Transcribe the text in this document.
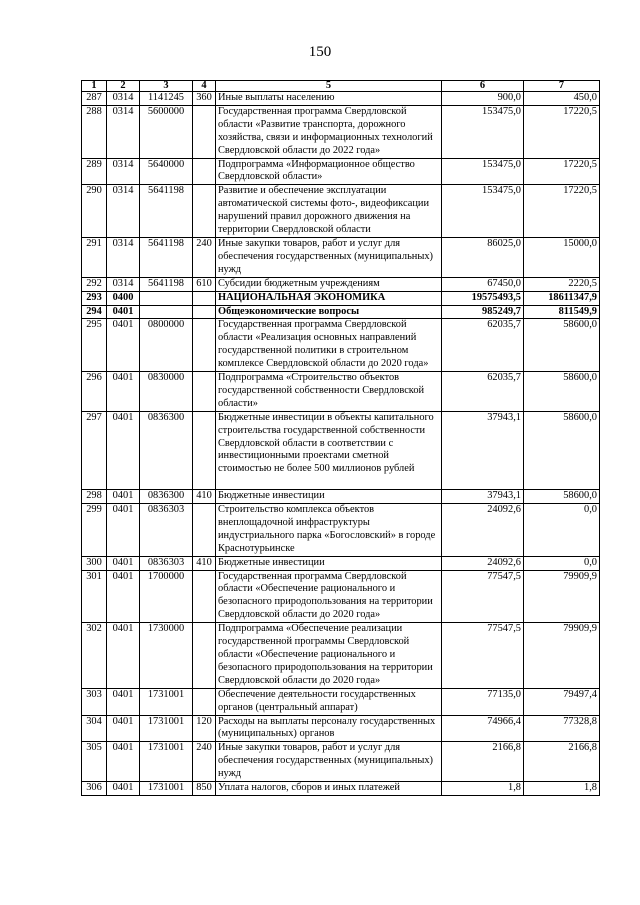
150
1	2	3	4	5	6	7
287	0314	1141245	360	Иные выплаты населению	900,0	450,0
288	0314	5600000		Государственная программа Свердловской области «Развитие транспорта, дорожного хозяйства, связи и информационных технологий Свердловской области до 2022 года»	153475,0	17220,5
289	0314	5640000		Подпрограмма «Информационное общество Свердловской области»	153475,0	17220,5
290	0314	5641198		Развитие и обеспечение эксплуатации автоматической системы фото-, видеофиксации нарушений правил дорожного движения на территории Свердловской области	153475,0	17220,5
291	0314	5641198	240	Иные закупки товаров, работ и услуг для обеспечения государственных (муниципальных) нужд	86025,0	15000,0
292	0314	5641198	610	Субсидии бюджетным учреждениям	67450,0	2220,5
293	0400			НАЦИОНАЛЬНАЯ ЭКОНОМИКА	19575493,5	18611347,9
294	0401			Общеэкономические вопросы	985249,7	811549,9
295	0401	0800000		Государственная программа Свердловской области «Реализация основных направлений государственной политики в строительном комплексе Свердловской области до 2020 года»	62035,7	58600,0
296	0401	0830000		Подпрограмма «Строительство объектов государственной собственности Свердловской области»	62035,7	58600,0
297	0401	0836300		Бюджетные инвестиции в объекты капитального строительства государственной собственности Свердловской области в соответствии с инвестиционными проектами сметной стоимостью не более 500 миллионов рублей	37943,1	58600,0
298	0401	0836300	410	Бюджетные инвестиции	37943,1	58600,0
299	0401	0836303		Строительство комплекса объектов внеплощадочной инфраструктуры индустриального парка «Богословский» в городе Краснотурьинске	24092,6	0,0
300	0401	0836303	410	Бюджетные инвестиции	24092,6	0,0
301	0401	1700000		Государственная программа Свердловской области «Обеспечение рационального и безопасного природопользования на территории Свердловской области до 2020 года»	77547,5	79909,9
302	0401	1730000		Подпрограмма «Обеспечение реализации государственной программы Свердловской области «Обеспечение рационального и безопасного природопользования на территории Свердловской области до 2020 года»	77547,5	79909,9
303	0401	1731001		Обеспечение деятельности государственных органов (центральный аппарат)	77135,0	79497,4
304	0401	1731001	120	Расходы на выплаты персоналу государственных (муниципальных) органов	74966,4	77328,8
305	0401	1731001	240	Иные закупки товаров, работ и услуг для обеспечения государственных (муниципальных) нужд	2166,8	2166,8
306	0401	1731001	850	Уплата налогов, сборов и иных платежей	1,8	1,8
